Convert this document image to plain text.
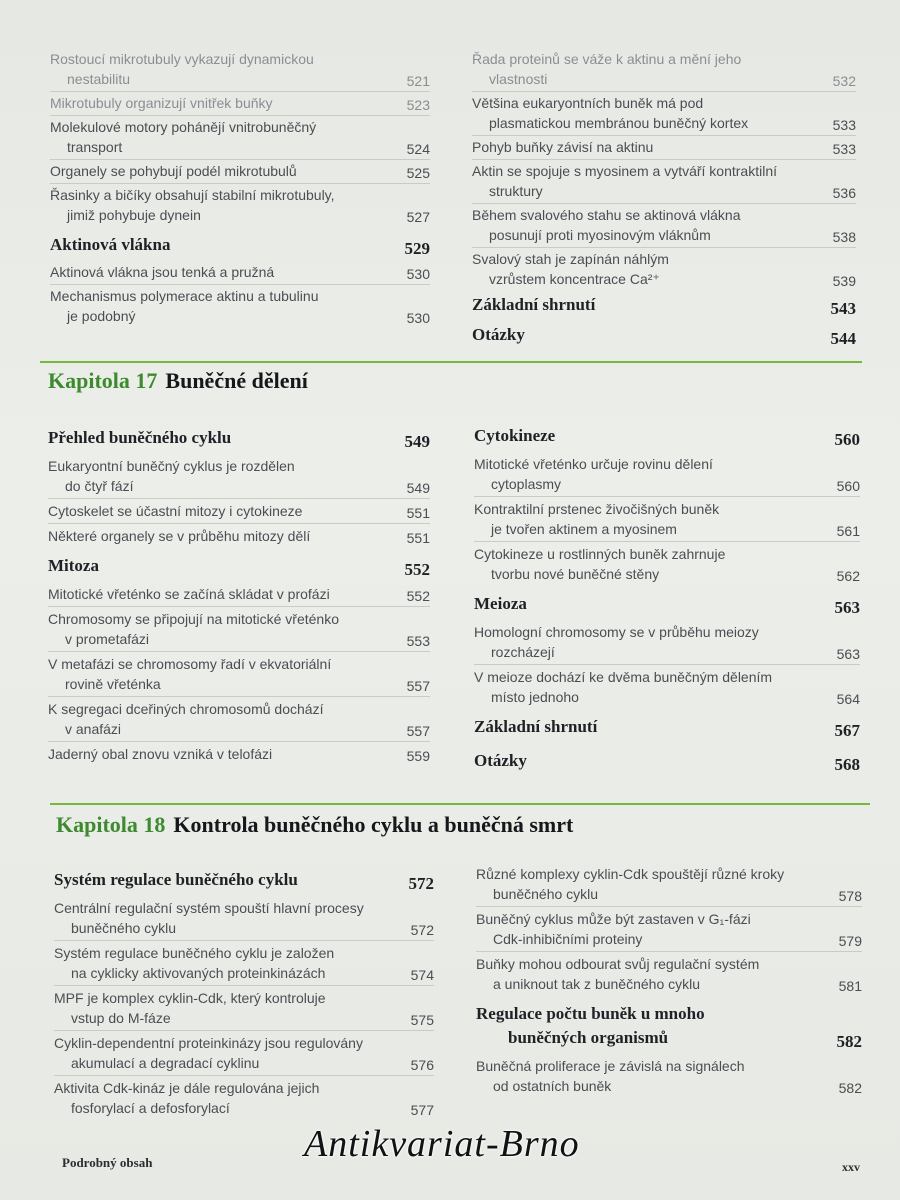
Rostoucí mikrotubuly vykazují dynamickou
nestabilitu	521
Mikrotubuly organizují vnitřek buňky	523
Molekulové motory pohánějí vnitrobuněčný
transport	524
Organely se pohybují podél mikrotubulů	525
Řasinky a bičíky obsahují stabilní mikrotubuly,
jimiž pohybuje dynein	527
Aktinová vlákna	529
Aktinová vlákna jsou tenká a pružná	530
Mechanismus polymerace aktinu a tubulinu
je podobný	530
Řada proteinů se váže k aktinu a mění jeho
vlastnosti	532
Většina eukaryontních buněk má pod
plasmatickou membránou buněčný kortex	533
Pohyb buňky závisí na aktinu	533
Aktin se spojuje s myosinem a vytváří kontraktilní
struktury	536
Během svalového stahu se aktinová vlákna
posunují proti myosinovým vláknům	538
Svalový stah je zapínán náhlým
vzrůstem koncentrace Ca²⁺	539
Základní shrnutí	543
Otázky	544
Kapitola 17 Buněčné dělení
Přehled buněčného cyklu	549
Eukaryontní buněčný cyklus je rozdělen
do čtyř fází	549
Cytoskelet se účastní mitozy i cytokineze	551
Některé organely se v průběhu mitozy dělí	551
Mitoza	552
Mitotické vřeténko se začíná skládat v profázi	552
Chromosomy se připojují na mitotické vřeténko
v prometafázi	553
V metafázi se chromosomy řadí v ekvatoriální
rovině vřeténka	557
K segregaci dceřiných chromosomů dochází
v anafázi	557
Jaderný obal znovu vzniká v telofázi	559
Cytokineze	560
Mitotické vřeténko určuje rovinu dělení
cytoplasmy	560
Kontraktilní prstenec živočišných buněk
je tvořen aktinem a myosinem	561
Cytokineze u rostlinných buněk zahrnuje
tvorbu nové buněčné stěny	562
Meioza	563
Homologní chromosomy se v průběhu meiozy
rozcházejí	563
V meioze dochází ke dvěma buněčným dělením
místo jednoho	564
Základní shrnutí	567
Otázky	568
Kapitola 18 Kontrola buněčného cyklu a buněčná smrt
Systém regulace buněčného cyklu	572
Centrální regulační systém spouští hlavní procesy
buněčného cyklu	572
Systém regulace buněčného cyklu je založen
na cyklicky aktivovaných proteinkinázách	574
MPF je komplex cyklin-Cdk, který kontroluje
vstup do M-fáze	575
Cyklin-dependentní proteinkinázy jsou regulovány
akumulací a degradací cyklinu	576
Aktivita Cdk-kináz je dále regulována jejich
fosforylací a defosforylací	577
Různé komplexy cyklin-Cdk spouštějí různé kroky
buněčného cyklu	578
Buněčný cyklus může být zastaven v G₁-fázi
Cdk-inhibičními proteiny	579
Buňky mohou odbourat svůj regulační systém
a uniknout tak z buněčného cyklu	581
Regulace počtu buněk u mnoho
buněčných organismů	582
Buněčná proliferace je závislá na signálech
od ostatních buněk	582
Podrobný obsah	xxv
Antikvariat-Brno
